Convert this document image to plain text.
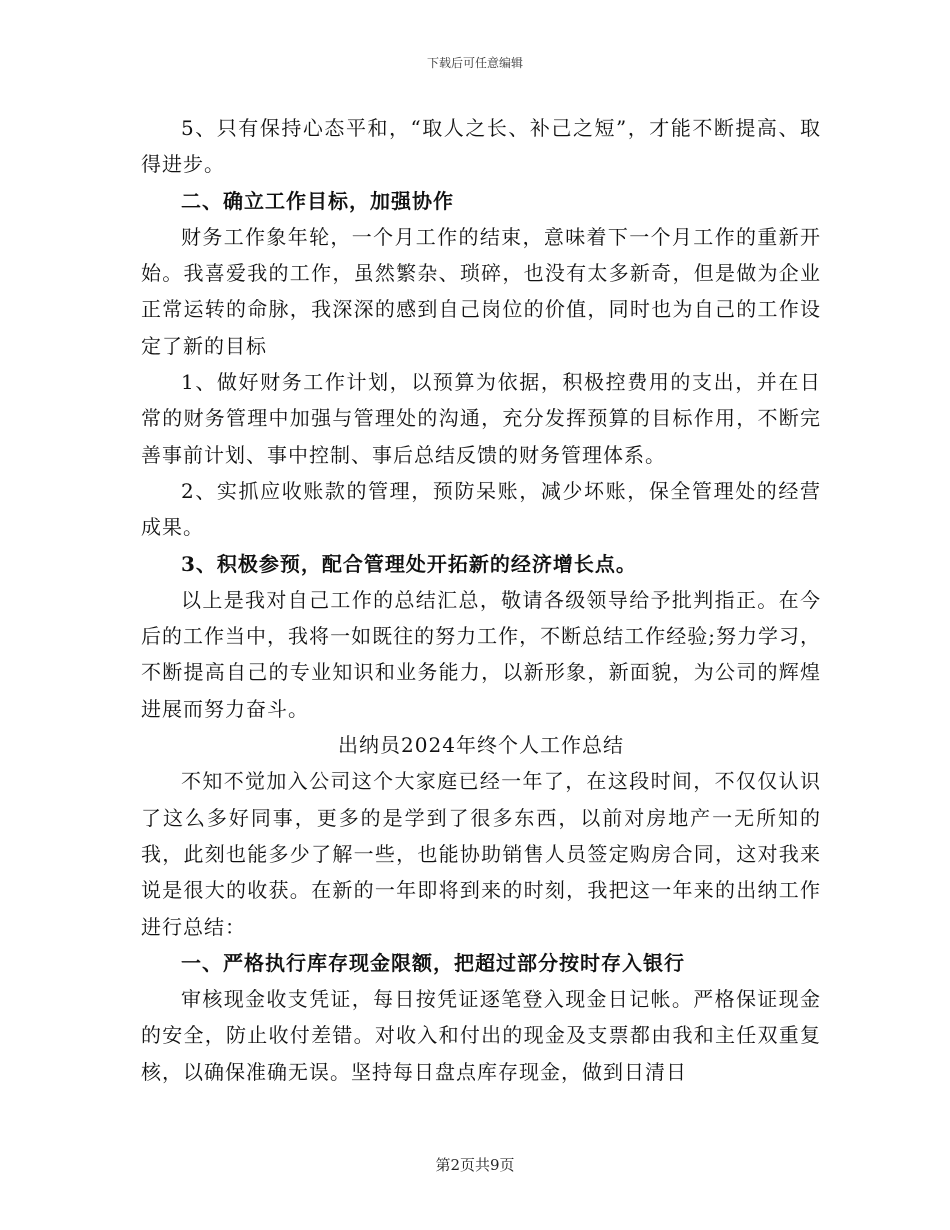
下载后可任意编辑

5、只有保持心态平和，“取人之长、补己之短”，才能不断提高、取得进步。

二、确立工作目标，加强协作

财务工作象年轮，一个月工作的结束，意味着下一个月工作的重新开始。我喜爱我的工作，虽然繁杂、琐碎，也没有太多新奇，但是做为企业正常运转的命脉，我深深的感到自己岗位的价值，同时也为自己的工作设定了新的目标

1、做好财务工作计划，以预算为依据，积极控费用的支出，并在日常的财务管理中加强与管理处的沟通，充分发挥预算的目标作用，不断完善事前计划、事中控制、事后总结反馈的财务管理体系。

2、实抓应收账款的管理，预防呆账，减少坏账，保全管理处的经营成果。

3、积极参预，配合管理处开拓新的经济增长点。

以上是我对自己工作的总结汇总，敬请各级领导给予批判指正。在今后的工作当中，我将一如既往的努力工作，不断总结工作经验;努力学习，不断提高自己的专业知识和业务能力，以新形象，新面貌，为公司的辉煌进展而努力奋斗。

出纳员2024年终个人工作总结

不知不觉加入公司这个大家庭已经一年了，在这段时间，不仅仅认识了这么多好同事，更多的是学到了很多东西，以前对房地产一无所知的我，此刻也能多少了解一些，也能协助销售人员签定购房合同，这对我来说是很大的收获。在新的一年即将到来的时刻，我把这一年来的出纳工作进行总结：

一、严格执行库存现金限额，把超过部分按时存入银行

审核现金收支凭证，每日按凭证逐笔登入现金日记帐。严格保证现金的安全，防止收付差错。对收入和付出的现金及支票都由我和主任双重复核，以确保准确无误。坚持每日盘点库存现金，做到日清日

第2页共9页
